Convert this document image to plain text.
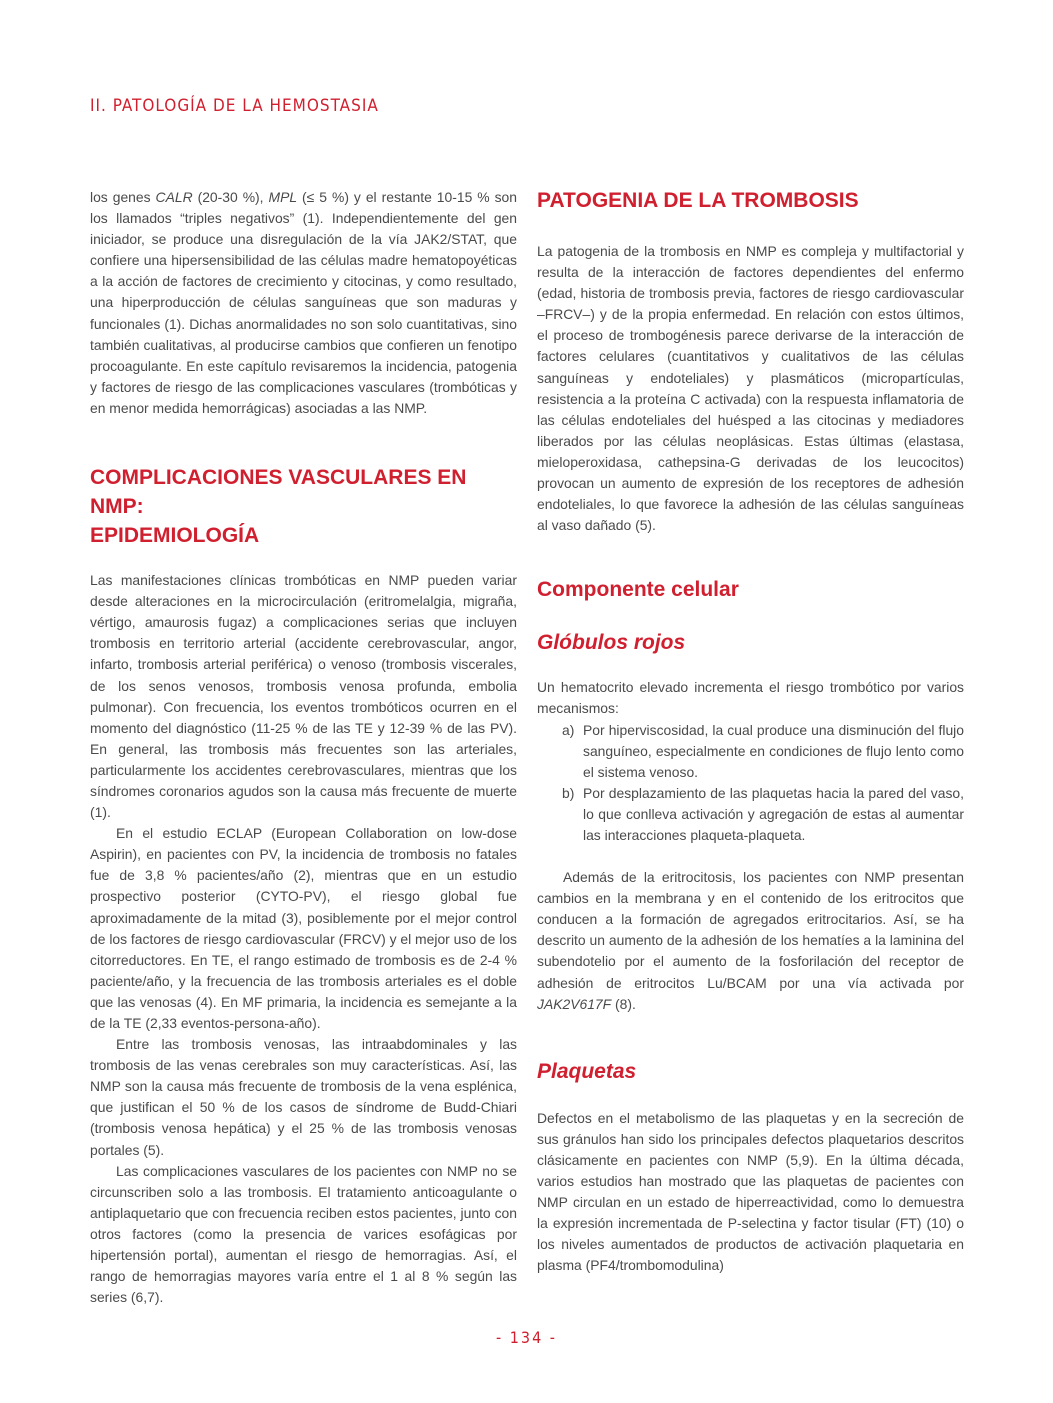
II. PATOLOGÍA DE LA HEMOSTASIA

los genes CALR (20-30 %), MPL (≤ 5 %) y el restante 10-15 % son los llamados “triples negativos” (1). Independientemente del gen iniciador, se produce una disregulación de la vía JAK2/STAT, que confiere una hipersensibilidad de las células madre hematopoyéticas a la acción de factores de crecimiento y citocinas, y como resultado, una hiperproducción de células sanguíneas que son maduras y funcionales (1). Dichas anormalidades no son solo cuantitativas, sino también cualitativas, al producirse cambios que confieren un fenotipo procoagulante. En este capítulo revisaremos la incidencia, patogenia y factores de riesgo de las complicaciones vasculares (trombóticas y en menor medida hemorrágicas) asociadas a las NMP.

COMPLICACIONES VASCULARES EN NMP:
EPIDEMIOLOGÍA

Las manifestaciones clínicas trombóticas en NMP pueden variar desde alteraciones en la microcirculación (eritromelalgia, migraña, vértigo, amaurosis fugaz) a complicaciones serias que incluyen trombosis en territorio arterial (accidente cerebrovascular, angor, infarto, trombosis arterial periférica) o venoso (trombosis viscerales, de los senos venosos, trombosis venosa profunda, embolia pulmonar). Con frecuencia, los eventos trombóticos ocurren en el momento del diagnóstico (11-25 % de las TE y 12-39 % de las PV). En general, las trombosis más frecuentes son las arteriales, particularmente los accidentes cerebrovasculares, mientras que los síndromes coronarios agudos son la causa más frecuente de muerte (1).

En el estudio ECLAP (European Collaboration on low-dose Aspirin), en pacientes con PV, la incidencia de trombosis no fatales fue de 3,8 % pacientes/año (2), mientras que en un estudio prospectivo posterior (CYTO-PV), el riesgo global fue aproximadamente de la mitad (3), posiblemente por el mejor control de los factores de riesgo cardiovascular (FRCV) y el mejor uso de los citorreductores. En TE, el rango estimado de trombosis es de 2-4 % paciente/año, y la frecuencia de las trombosis arteriales es el doble que las venosas (4). En MF primaria, la incidencia es semejante a la de la TE (2,33 eventos-persona-año).

Entre las trombosis venosas, las intraabdominales y las trombosis de las venas cerebrales son muy características. Así, las NMP son la causa más frecuente de trombosis de la vena esplénica, que justifican el 50 % de los casos de síndrome de Budd-Chiari (trombosis venosa hepática) y el 25 % de las trombosis venosas portales (5).

Las complicaciones vasculares de los pacientes con NMP no se circunscriben solo a las trombosis. El tratamiento anticoagulante o antiplaquetario que con frecuencia reciben estos pacientes, junto con otros factores (como la presencia de varices esofágicas por hipertensión portal), aumentan el riesgo de hemorragias. Así, el rango de hemorragias mayores varía entre el 1 al 8 % según las series (6,7).

PATOGENIA DE LA TROMBOSIS

La patogenia de la trombosis en NMP es compleja y multifactorial y resulta de la interacción de factores dependientes del enfermo (edad, historia de trombosis previa, factores de riesgo cardiovascular –FRCV–) y de la propia enfermedad. En relación con estos últimos, el proceso de trombogénesis parece derivarse de la interacción de factores celulares (cuantitativos y cualitativos de las células sanguíneas y endoteliales) y plasmáticos (micropartículas, resistencia a la proteína C activada) con la respuesta inflamatoria de las células endoteliales del huésped a las citocinas y mediadores liberados por las células neoplásicas. Estas últimas (elastasa, mieloperoxidasa, cathepsina-G derivadas de los leucocitos) provocan un aumento de expresión de los receptores de adhesión endoteliales, lo que favorece la adhesión de las células sanguíneas al vaso dañado (5).

Componente celular
Glóbulos rojos

Un hematocrito elevado incrementa el riesgo trombótico por varios mecanismos:

a) Por hiperviscosidad, la cual produce una disminución del flujo sanguíneo, especialmente en condiciones de flujo lento como el sistema venoso.
b) Por desplazamiento de las plaquetas hacia la pared del vaso, lo que conlleva activación y agregación de estas al aumentar las interacciones plaqueta-plaqueta.

Además de la eritrocitosis, los pacientes con NMP presentan cambios en la membrana y en el contenido de los eritrocitos que conducen a la formación de agregados eritrocitarios. Así, se ha descrito un aumento de la adhesión de los hematíes a la laminina del subendotelio por el aumento de la fosforilación del receptor de adhesión de eritrocitos Lu/BCAM por una vía activada por JAK2V617F (8).

Plaquetas

Defectos en el metabolismo de las plaquetas y en la secreción de sus gránulos han sido los principales defectos plaquetarios descritos clásicamente en pacientes con NMP (5,9). En la última década, varios estudios han mostrado que las plaquetas de pacientes con NMP circulan en un estado de hiperreactividad, como lo demuestra la expresión incrementada de P-selectina y factor tisular (FT) (10) o los niveles aumentados de productos de activación plaquetaria en plasma (PF4/trombomodulina)

- 134 -
